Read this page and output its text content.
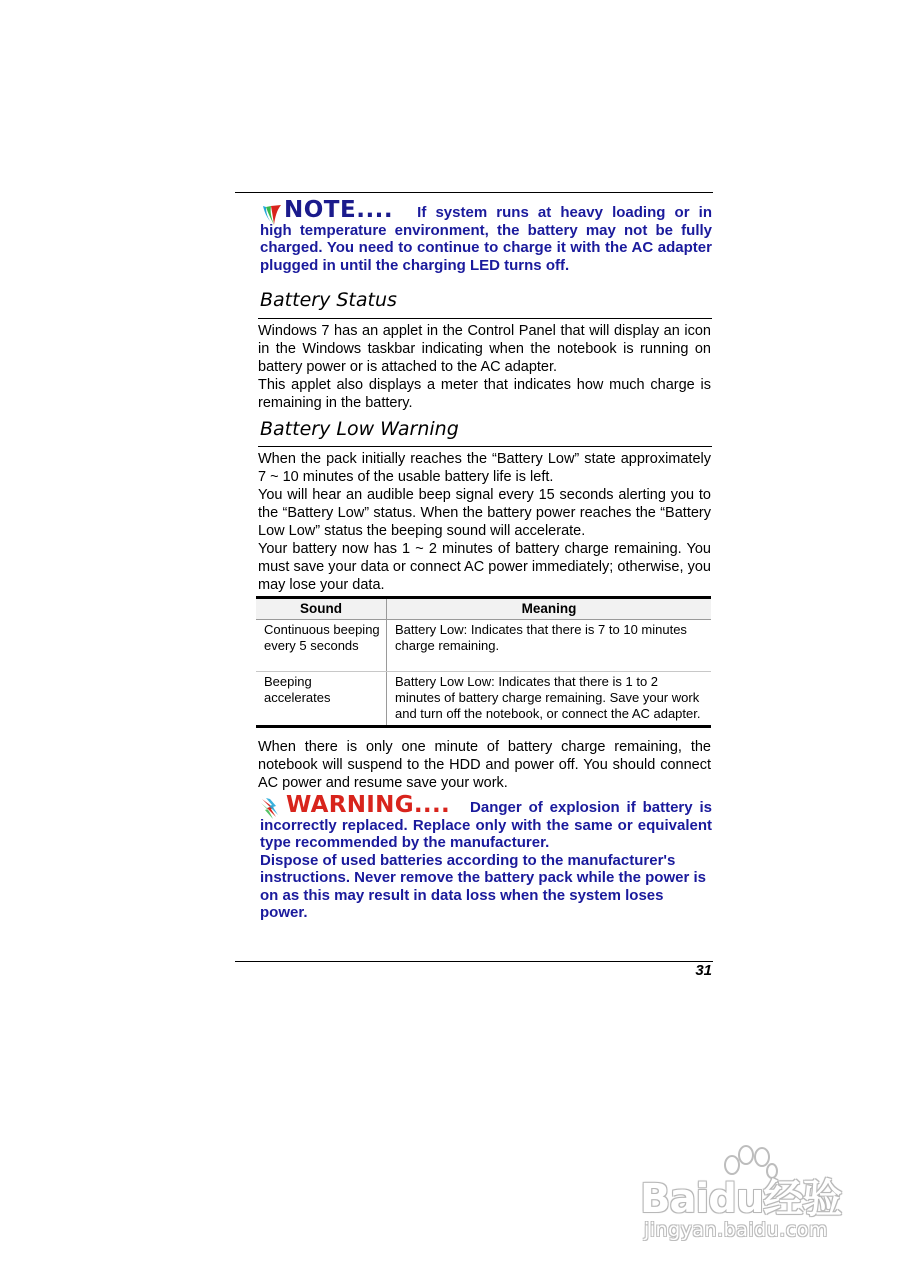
NOTE.... If system runs at heavy loading or in high temperature environment, the battery may not be fully charged. You need to continue to charge it with the AC adapter plugged in until the charging LED turns off.
Battery Status

Windows 7 has an applet in the Control Panel that will display an icon in the Windows taskbar indicating when the notebook is running on battery power or is attached to the AC adapter.

This applet also displays a meter that indicates how much charge is remaining in the battery.

Battery Low Warning

When the pack initially reaches the “Battery Low” state approximately 7 ~ 10 minutes of the usable battery life is left.

You will hear an audible beep signal every 15 seconds alerting you to the “Battery Low” status. When the battery power reaches the “Battery Low Low” status the beeping sound will accelerate.

Your battery now has 1 ~ 2 minutes of battery charge remaining. You must save your data or connect AC power immediately; otherwise, you may lose your data.

Sound	Meaning
Continuous beeping every 5 seconds	Battery Low: Indicates that there is 7 to 10 minutes charge remaining.
Beeping accelerates	Battery Low Low: Indicates that there is 1 to 2 minutes of battery charge remaining. Save your work and turn off the notebook, or connect the AC adapter.

When there is only one minute of battery charge remaining, the notebook will suspend to the HDD and power off. You should connect AC power and resume save your work.

WARNING.... Danger of explosion if battery is incorrectly replaced. Replace only with the same or equivalent type recommended by the manufacturer.
Dispose of used batteries according to the manufacturer's instructions. Never remove the battery pack while the power is on as this may result in data loss when the system loses power.
31
Baidu经验
jingyan.baidu.com
